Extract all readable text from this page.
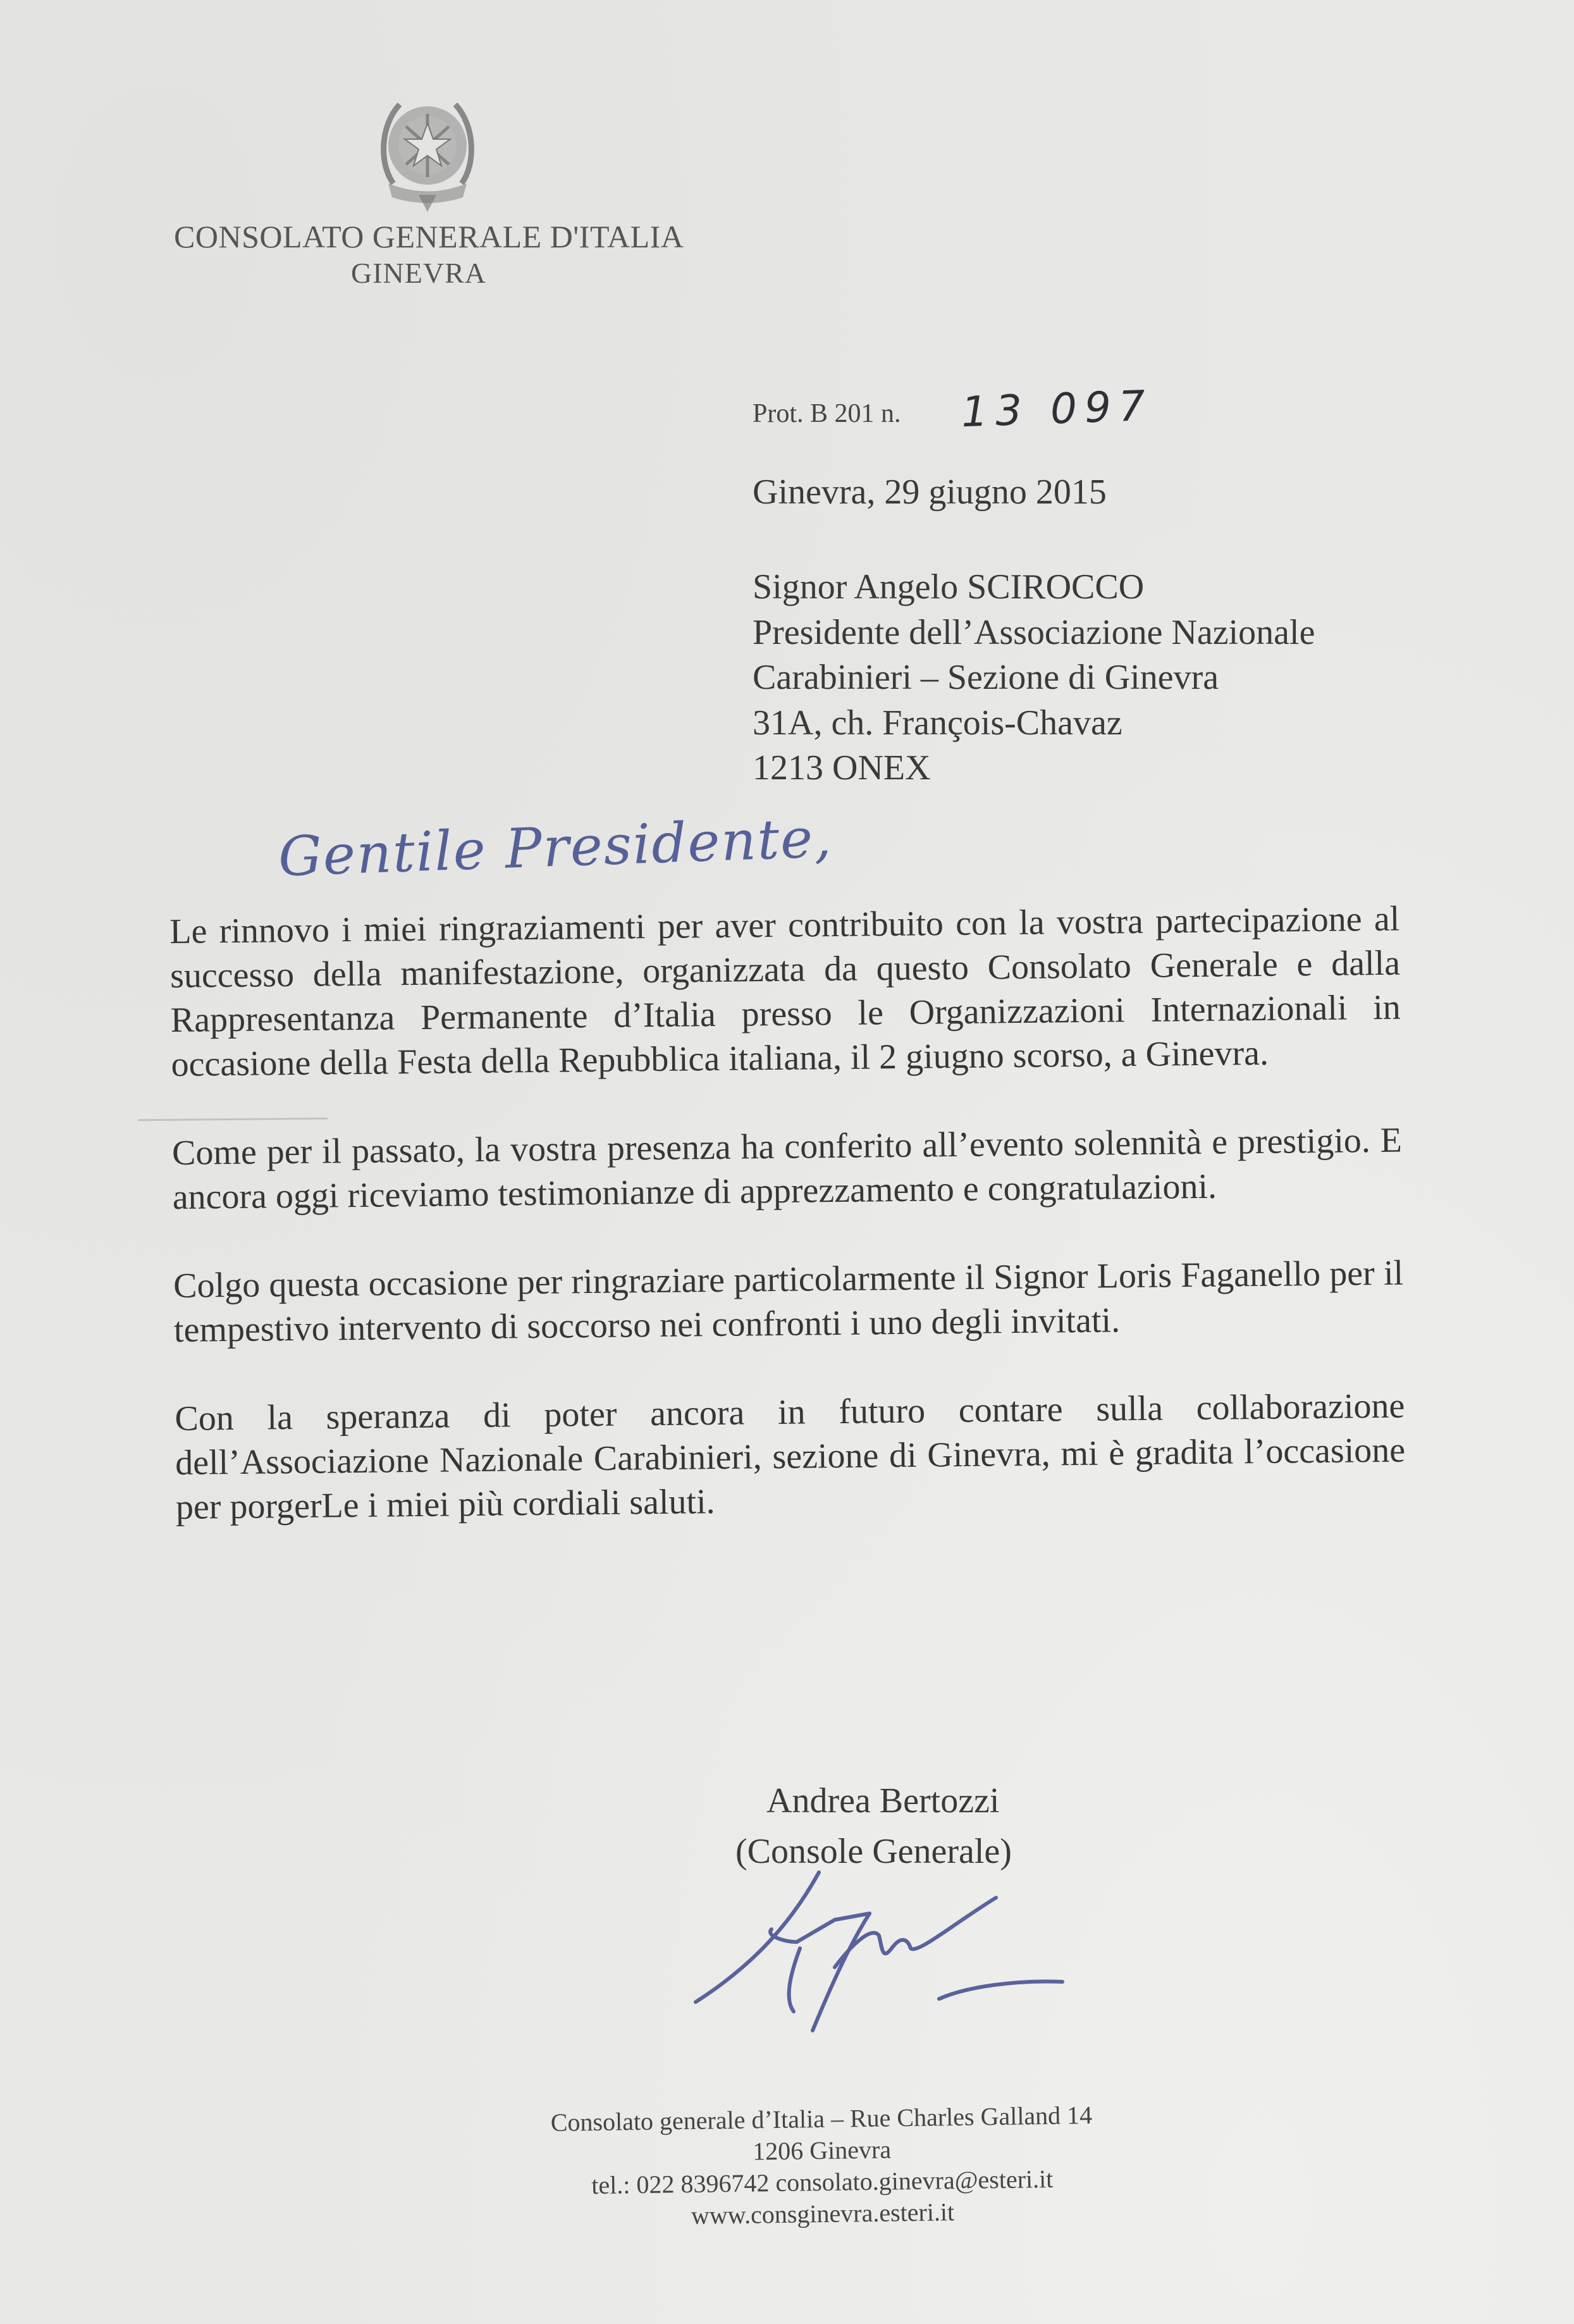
CONSOLATO GENERALE D'ITALIA
GINEVRA
Prot. B 201 n. 13 097
Ginevra, 29 giugno 2015
Signor Angelo SCIROCCO
Presidente dell’Associazione Nazionale
Carabinieri – Sezione di Ginevra
31A, ch. François-Chavaz
1213 ONEX
Gentile Presidente,

Le rinnovo i miei ringraziamenti per aver contribuito con la vostra partecipazione al successo della manifestazione, organizzata da questo Consolato Generale e dalla Rappresentanza Permanente d’Italia presso le Organizzazioni Internazionali in occasione della Festa della Repubblica italiana, il 2 giugno scorso, a Ginevra.

Come per il passato, la vostra presenza ha conferito all’evento solennità e prestigio. E ancora oggi riceviamo testimonianze di apprezzamento e congratulazioni.

Colgo questa occasione per ringraziare particolarmente il Signor Loris Faganello per il tempestivo intervento di soccorso nei confronti i uno degli invitati.

Con la speranza di poter ancora in futuro contare sulla collaborazione dell’Associazione Nazionale Carabinieri, sezione di Ginevra, mi è gradita l’occasione per porgerLe i miei più cordiali saluti.

Andrea Bertozzi
(Console Generale)
Consolato generale d’Italia – Rue Charles Galland 14
1206 Ginevra
tel.: 022 8396742 consolato.ginevra@esteri.it
www.consginevra.esteri.it
